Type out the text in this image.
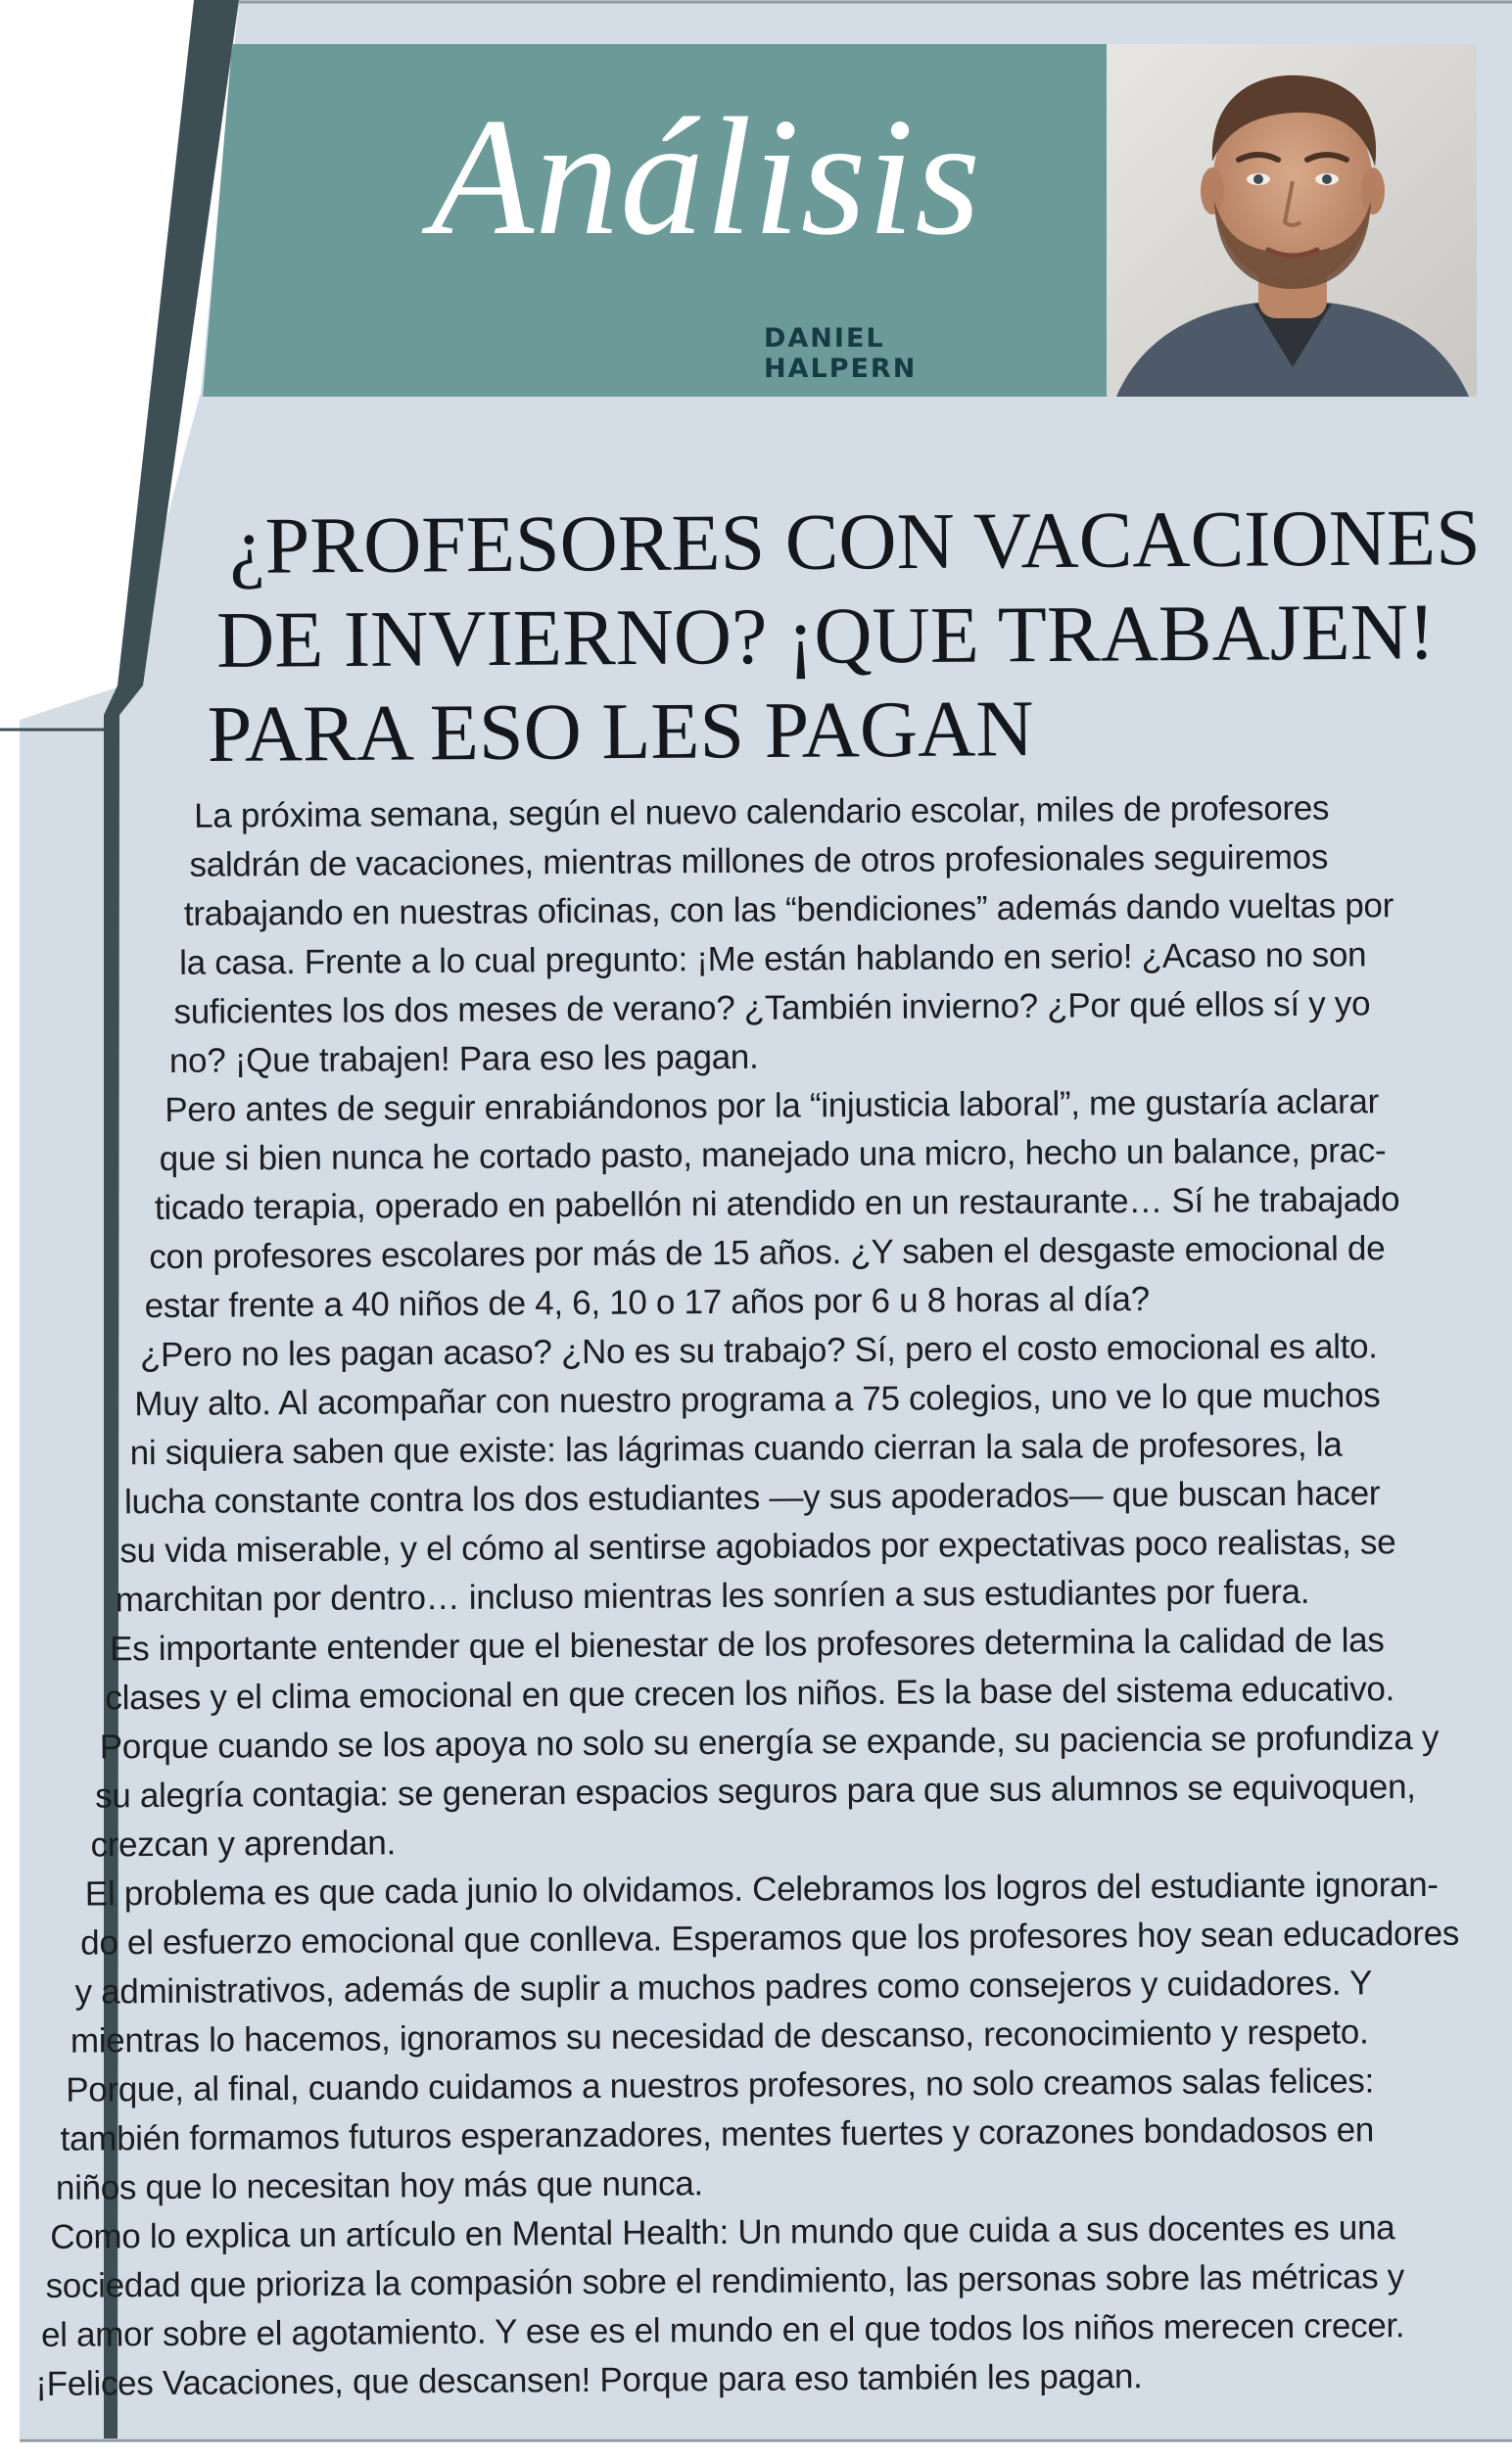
Análisis
DANIEL HALPERN
¿PROFESORES CON VACACIONES
DE INVIERNO? ¡QUE TRABAJEN!
PARA ESO LES PAGAN
La próxima semana, según el nuevo calendario escolar, miles de profesores
saldrán de vacaciones, mientras millones de otros profesionales seguiremos
trabajando en nuestras oficinas, con las “bendiciones” además dando vueltas por
la casa. Frente a lo cual pregunto: ¡Me están hablando en serio! ¿Acaso no son
suficientes los dos meses de verano? ¿También invierno? ¿Por qué ellos sí y yo
no? ¡Que trabajen! Para eso les pagan.
Pero antes de seguir enrabiándonos por la “injusticia laboral”, me gustaría aclarar
que si bien nunca he cortado pasto, manejado una micro, hecho un balance, prac-
ticado terapia, operado en pabellón ni atendido en un restaurante… Sí he trabajado
con profesores escolares por más de 15 años. ¿Y saben el desgaste emocional de
estar frente a 40 niños de 4, 6, 10 o 17 años por 6 u 8 horas al día?
¿Pero no les pagan acaso? ¿No es su trabajo? Sí, pero el costo emocional es alto.
Muy alto. Al acompañar con nuestro programa a 75 colegios, uno ve lo que muchos
ni siquiera saben que existe: las lágrimas cuando cierran la sala de profesores, la
lucha constante contra los dos estudiantes —y sus apoderados— que buscan hacer
su vida miserable, y el cómo al sentirse agobiados por expectativas poco realistas, se
marchitan por dentro… incluso mientras les sonríen a sus estudiantes por fuera.
Es importante entender que el bienestar de los profesores determina la calidad de las
clases y el clima emocional en que crecen los niños. Es la base del sistema educativo.
Porque cuando se los apoya no solo su energía se expande, su paciencia se profundiza y
su alegría contagia: se generan espacios seguros para que sus alumnos se equivoquen,
crezcan y aprendan.
El problema es que cada junio lo olvidamos. Celebramos los logros del estudiante ignoran-
do el esfuerzo emocional que conlleva. Esperamos que los profesores hoy sean educadores
y administrativos, además de suplir a muchos padres como consejeros y cuidadores. Y
mientras lo hacemos, ignoramos su necesidad de descanso, reconocimiento y respeto.
Porque, al final, cuando cuidamos a nuestros profesores, no solo creamos salas felices:
también formamos futuros esperanzadores, mentes fuertes y corazones bondadosos en
niños que lo necesitan hoy más que nunca.
Como lo explica un artículo en Mental Health: Un mundo que cuida a sus docentes es una
sociedad que prioriza la compasión sobre el rendimiento, las personas sobre las métricas y
el amor sobre el agotamiento. Y ese es el mundo en el que todos los niños merecen crecer.
¡Felices Vacaciones, que descansen! Porque para eso también les pagan.
